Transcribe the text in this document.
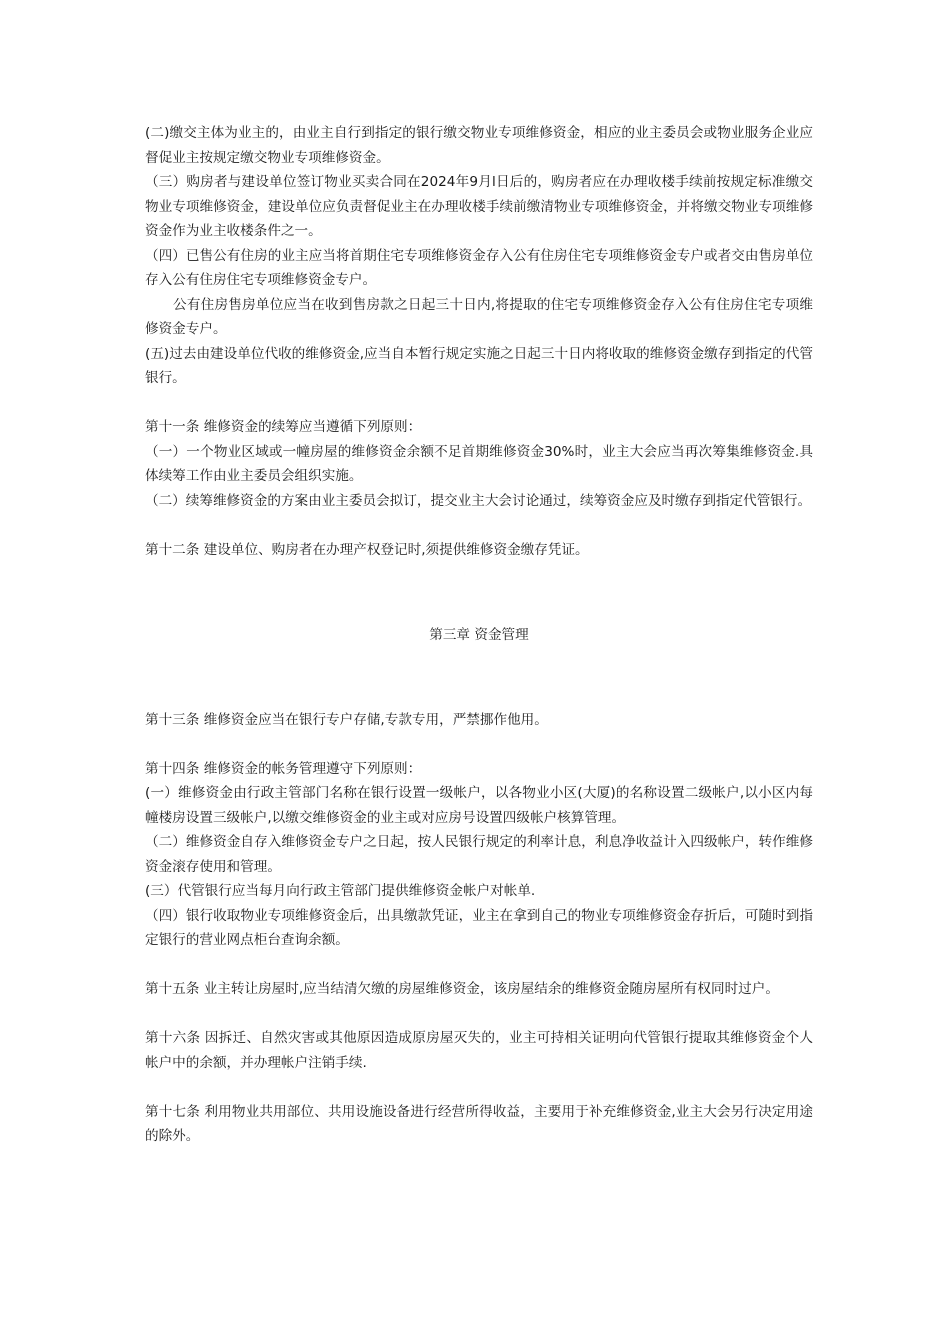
(二)缴交主体为业主的，由业主自行到指定的银行缴交物业专项维修资金，相应的业主委员会或物业服务企业应督促业主按规定缴交物业专项维修资金。

（三）购房者与建设单位签订物业买卖合同在2024年9月l日后的，购房者应在办理收楼手续前按规定标准缴交物业专项维修资金，建设单位应负责督促业主在办理收楼手续前缴清物业专项维修资金，并将缴交物业专项维修资金作为业主收楼条件之一。

（四）已售公有住房的业主应当将首期住宅专项维修资金存入公有住房住宅专项维修资金专户或者交由售房单位存入公有住房住宅专项维修资金专户。

公有住房售房单位应当在收到售房款之日起三十日内,将提取的住宅专项维修资金存入公有住房住宅专项维修资金专户。

(五)过去由建设单位代收的维修资金,应当自本暂行规定实施之日起三十日内将收取的维修资金缴存到指定的代管银行。

第十一条 维修资金的续筹应当遵循下列原则：

（一）一个物业区域或一幢房屋的维修资金余额不足首期维修资金30%时，业主大会应当再次筹集维修资金.具体续筹工作由业主委员会组织实施。

（二）续筹维修资金的方案由业主委员会拟订，提交业主大会讨论通过，续筹资金应及时缴存到指定代管银行。

第十二条 建设单位、购房者在办理产权登记时,须提供维修资金缴存凭证。

第三章 资金管理

第十三条 维修资金应当在银行专户存储,专款专用，严禁挪作他用。

第十四条 维修资金的帐务管理遵守下列原则：

(一）维修资金由行政主管部门名称在银行设置一级帐户，以各物业小区(大厦)的名称设置二级帐户,以小区内每幢楼房设置三级帐户,以缴交维修资金的业主或对应房号设置四级帐户核算管理。

（二）维修资金自存入维修资金专户之日起，按人民银行规定的利率计息，利息净收益计入四级帐户，转作维修资金滚存使用和管理。

(三）代管银行应当每月向行政主管部门提供维修资金帐户对帐单.

（四）银行收取物业专项维修资金后，出具缴款凭证，业主在拿到自己的物业专项维修资金存折后，可随时到指定银行的营业网点柜台查询余额。

第十五条 业主转让房屋时,应当结清欠缴的房屋维修资金，该房屋结余的维修资金随房屋所有权同时过户。

第十六条 因拆迁、自然灾害或其他原因造成原房屋灭失的，业主可持相关证明向代管银行提取其维修资金个人帐户中的余额，并办理帐户注销手续.

第十七条 利用物业共用部位、共用设施设备进行经营所得收益，主要用于补充维修资金,业主大会另行决定用途的除外。
